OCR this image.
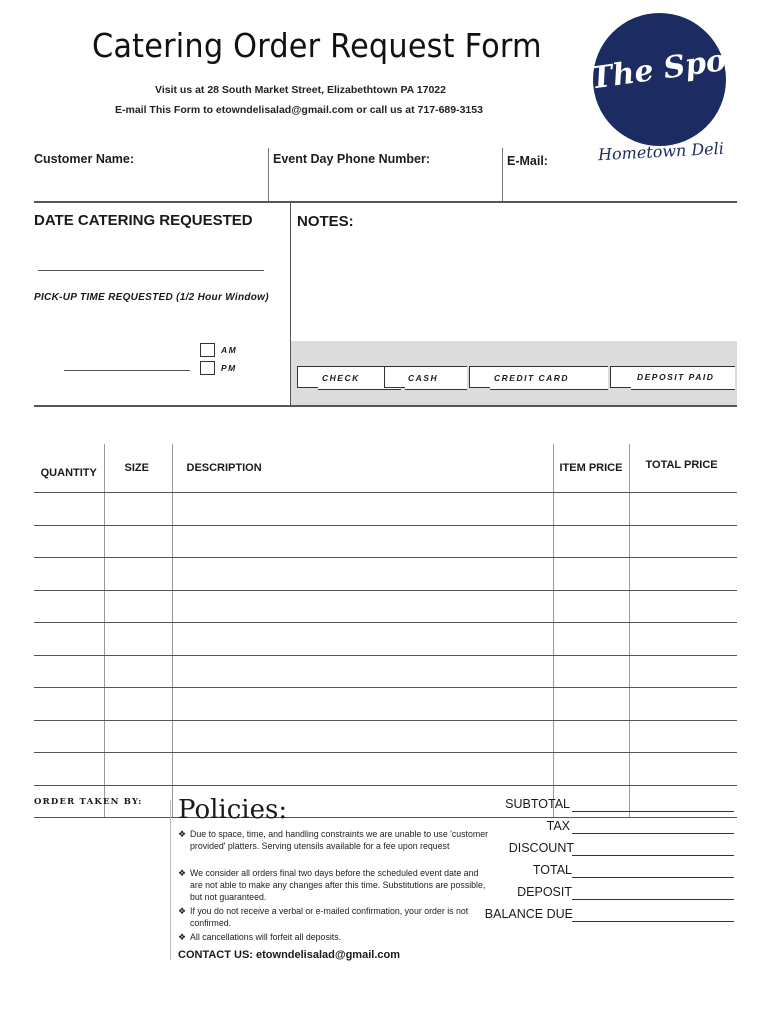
Catering Order Request Form
Visit us at 28 South Market Street, Elizabethtown PA 17022
E-mail This Form to etowndelisalad@gmail.com or call us at 717-689-3153
The Spot
Hometown Deli
Customer Name:	Event Day Phone Number:	E-Mail:
DATE CATERING REQUESTED
PICK-UP TIME REQUESTED (1/2 Hour Window)
AM
PM
NOTES:
CHECK	CASH	CREDIT CARD	DEPOSIT PAID
QUANTITY	SIZE	DESCRIPTION	ITEM PRICE	TOTAL PRICE

ORDER TAKEN BY: Policies:
❖ Due to space, time, and handling constraints we are unable to use 'customer provided' platters. Serving utensils available for a fee upon request
❖ We consider all orders final two days before the scheduled event date and are not able to make any changes after this time. Substitutions are possible, but not guaranteed.
❖ If you do not receive a verbal or e-mailed confirmation, your order is not confirmed.
❖ All cancellations will forfeit all deposits.
CONTACT US: etowndelisalad@gmail.com
SUBTOTAL
TAX
DISCOUNT
TOTAL
DEPOSIT
BALANCE DUE
